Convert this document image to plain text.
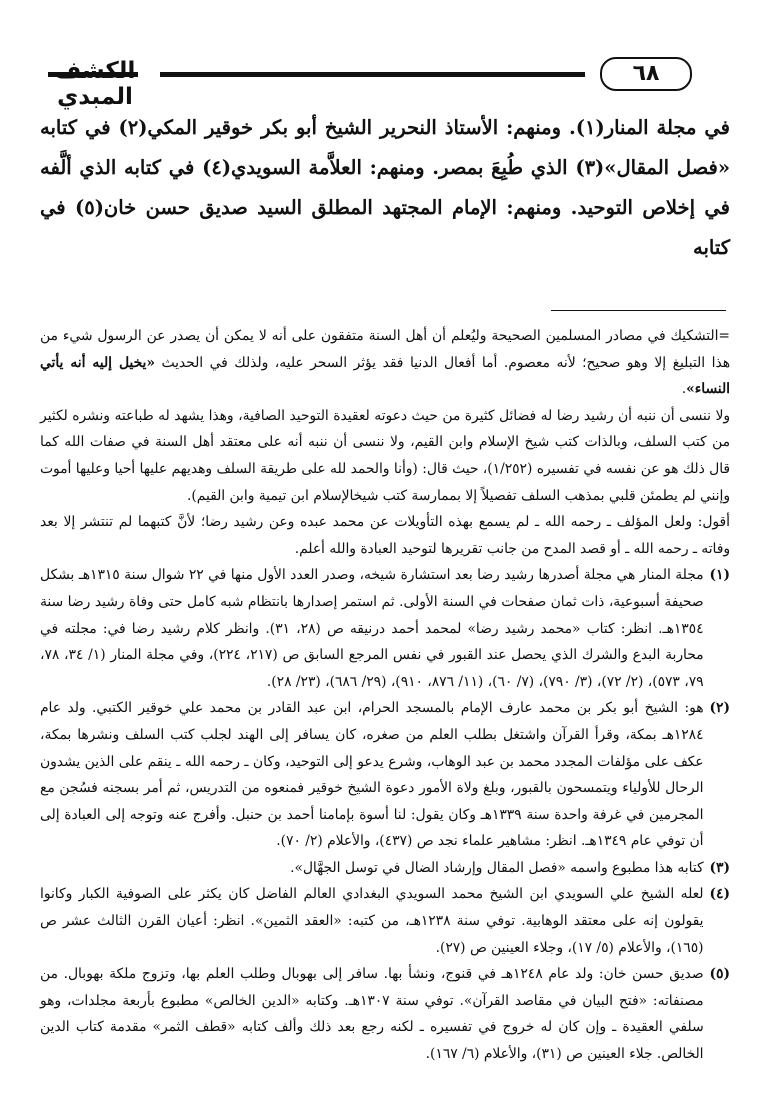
الكشف المبدي
٦٨

في مجلة المنار(١). ومنهم: الأستاذ النحرير الشيخ أبو بكر خوقير المكي(٢) في كتابه «فصل المقال»(٣) الذي طُبِعَ بمصر. ومنهم: العلاَّمة السويدي(٤) في كتابه الذي ألَّفه في إخلاص التوحيد. ومنهم: الإمام المجتهد المطلق السيد صديق حسن خان(٥) في كتابه

=التشكيك في مصادر المسلمين الصحيحة وليُعلم أن أهل السنة متفقون على أنه لا يمكن أن يصدر عن الرسول شيء من هذا التبليغ إلا وهو صحيح؛ لأنه معصوم. أما أفعال الدنيا فقد يؤثر السحر عليه، ولذلك في الحديث «يخيل إليه أنه يأتي النساء».

ولا ننسى أن ننبه أن رشيد رضا له فضائل كثيرة من حيث دعوته لعقيدة التوحيد الصافية، وهذا يشهد له طباعته ونشره لكثير من كتب السلف، وبالذات كتب شيخ الإسلام وابن القيم، ولا ننسى أن ننبه أنه على معتقد أهل السنة في صفات الله كما قال ذلك هو عن نفسه في تفسيره (١/٢٥٢)، حيث قال: (وأنا والحمد لله على طريقة السلف وهديهم عليها أحيا وعليها أموت وإنني لم يطمئن قلبي بمذهب السلف تفصيلاً إلا بممارسة كتب شيخالإسلام ابن تيمية وابن القيم).

أقول: ولعل المؤلف ـ رحمه الله ـ لم يسمع بهذه التأويلات عن محمد عبده وعن رشيد رضا؛ لأنَّ كتبهما لم تنتشر إلا بعد وفاته ـ رحمه الله ـ أو قصد المدح من جانب تقريرها لتوحيد العبادة والله أعلم.

(١)
مجلة المنار هي مجلة أصدرها رشيد رضا بعد استشارة شيخه، وصدر العدد الأول منها في ٢٢ شوال سنة ١٣١٥هـ بشكل صحيفة أسبوعية، ذات ثمان صفحات في السنة الأولى. ثم استمر إصدارها بانتظام شبه كامل حتى وفاة رشيد رضا سنة ١٣٥٤هـ. انظر: كتاب «محمد رشيد رضا» لمحمد أحمد درنيقه ص (٢٨، ٣١). وانظر كلام رشيد رضا في: مجلته في محاربة البدع والشرك الذي يحصل عند القبور في نفس المرجع السابق ص (٢١٧، ٢٢٤)، وفي مجلة المنار (١/ ٣٤، ٧٨، ٧٩، ٥٧٣)، (٢/ ٧٢)، (٣/ ٧٩٠)، (٧/ ٦٠)، (١١/ ٨٧٦، ٩١٠)، (٢٩/ ٦٨٦)، (٢٣/ ٢٨).
(٢)
هو: الشيخ أبو بكر بن محمد عارف الإمام بالمسجد الحرام، ابن عبد القادر بن محمد علي خوقير الكتبي. ولد عام ١٢٨٤هـ بمكة، وقرأ القرآن واشتغل بطلب العلم من صغره، كان يسافر إلى الهند لجلب كتب السلف ونشرها بمكة، عكف على مؤلفات المجدد محمد بن عبد الوهاب، وشرع يدعو إلى التوحيد، وكان ـ رحمه الله ـ ينقم على الذين يشدون الرحال للأولياء ويتمسحون بالقبور، وبلغ ولاة الأمور دعوة الشيخ خوقير فمنعوه من التدريس، ثم أمر بسجنه فسُجن مع المجرمين في غرفة واحدة سنة ١٣٣٩هـ وكان يقول: لنا أسوة بإمامنا أحمد بن حنبل. وأفرج عنه وتوجه إلى العبادة إلى أن توفي عام ١٣٤٩هـ. انظر: مشاهير علماء نجد ص (٤٣٧)، والأعلام (٢/ ٧٠).
(٣)
كتابه هذا مطبوع واسمه «فصل المقال وإرشاد الضال في توسل الجهَّال».
(٤)
لعله الشيخ علي السويدي ابن الشيخ محمد السويدي البغدادي العالم الفاضل كان يكثر على الصوفية الكبار وكانوا يقولون إنه على معتقد الوهابية. توفي سنة ١٢٣٨هـ، من كتبه: «العقد الثمين». انظر: أعيان القرن الثالث عشر ص (١٦٥)، والأعلام (٥/ ١٧)، وجلاء العينين ص (٢٧).
(٥)
صديق حسن خان: ولد عام ١٢٤٨هـ في قنوج، ونشأ بها. سافر إلى بهوبال وطلب العلم بها، وتزوج ملكة بهوبال. من مصنفاته: «فتح البيان في مقاصد القرآن». توفي سنة ١٣٠٧هـ. وكتابه «الدين الخالص» مطبوع بأربعة مجلدات، وهو سلفي العقيدة ـ وإن كان له خروج في تفسيره ـ لكنه رجع بعد ذلك وألف كتابه «قطف الثمر» مقدمة كتاب الدين الخالص. جلاء العينين ص (٣١)، والأعلام (٦/ ١٦٧).
